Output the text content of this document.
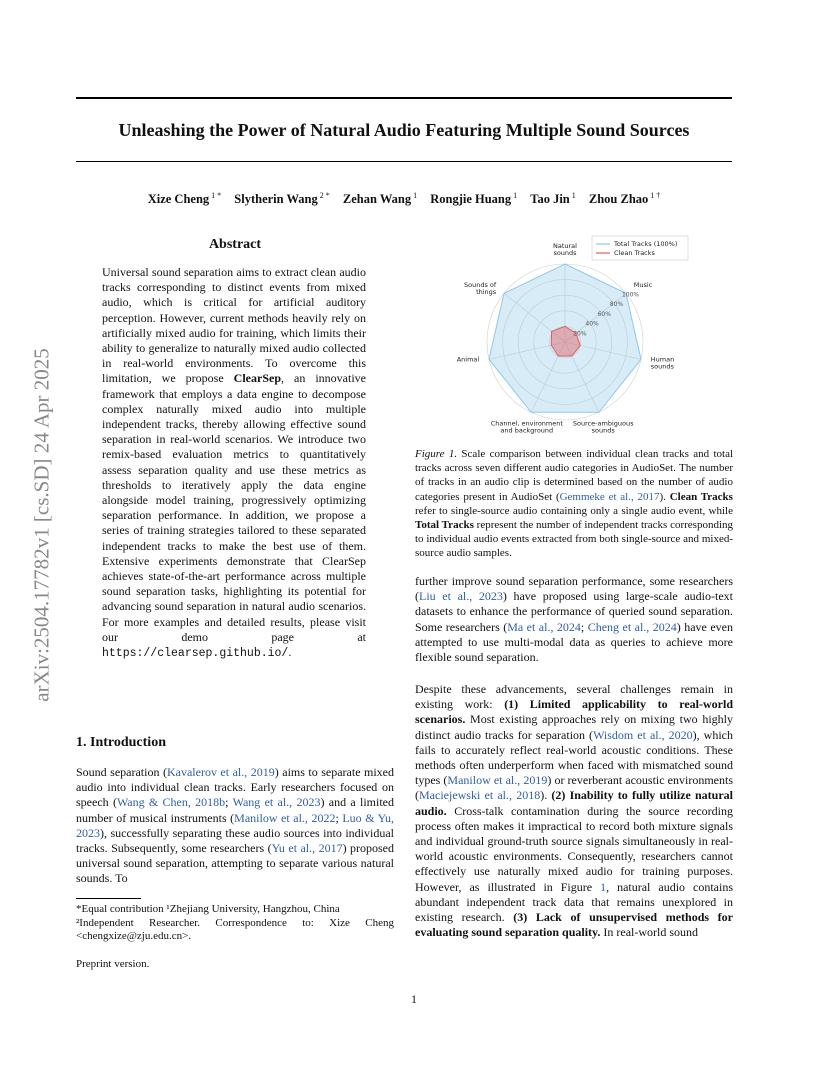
Unleashing the Power of Natural Audio Featuring Multiple Sound Sources
Xize Cheng $^{1 *}$ Slytherin Wang $^{2 *}$ Zehan Wang $^1$ Rongjie Huang $^1$ Tao Jin $^1$ Zhou Zhao $^{1 \dagger}$
arXiv:2504.17782v1 [cs.SD] 24 Apr 2025
Abstract

Universal sound separation aims to extract clean audio tracks corresponding to distinct events from mixed audio, which is critical for artificial auditory perception. However, current methods heavily rely on artificially mixed audio for training, which limits their ability to generalize to naturally mixed audio collected in real-world environments. To overcome this limitation, we propose ClearSep, an innovative framework that employs a data engine to decompose complex naturally mixed audio into multiple independent tracks, thereby allowing effective sound separation in real-world scenarios. We introduce two remix-based evaluation metrics to quantitatively assess separation quality and use these metrics as thresholds to iteratively apply the data engine alongside model training, progressively optimizing separation performance. In addition, we propose a series of training strategies tailored to these separated independent tracks to make the best use of them. Extensive experiments demonstrate that ClearSep achieves state-of-the-art performance across multiple sound separation tasks, highlighting its potential for advancing sound separation in natural audio scenarios. For more examples and detailed results, please visit our demo page at https://clearsep.github.io/.

1. Introduction

Sound separation (Kavalerov et al., 2019) aims to separate mixed audio into individual clean tracks. Early researchers focused on speech (Wang & Chen, 2018b; Wang et al., 2023) and a limited number of musical instruments (Manilow et al., 2022; Luo & Yu, 2023), successfully separating these audio sources into individual tracks. Subsequently, some researchers (Yu et al., 2017) proposed universal sound separation, attempting to separate various natural sounds. To

*Equal contribution ¹Zhejiang University, Hangzhou, China

²Independent Researcher. Correspondence to: Xize Cheng <chengxize@zju.edu.cn>.

Preprint version.
Natural sounds
Music
Human sounds
Source-ambiguous sounds
Channel, environment and background
Animal
Sounds of things
20%
40%
60%
80%
100%
Total Tracks (100%)
Clean Tracks

Figure 1. Scale comparison between individual clean tracks and total tracks across seven different audio categories in AudioSet. The number of tracks in an audio clip is determined based on the number of audio categories present in AudioSet (Gemmeke et al., 2017). Clean Tracks refer to single-source audio containing only a single audio event, while Total Tracks represent the number of independent tracks corresponding to individual audio events extracted from both single-source and mixed-source audio samples.

further improve sound separation performance, some researchers (Liu et al., 2023) have proposed using large-scale audio-text datasets to enhance the performance of queried sound separation. Some researchers (Ma et al., 2024; Cheng et al., 2024) have even attempted to use multi-modal data as queries to achieve more flexible sound separation.

Despite these advancements, several challenges remain in existing work: (1) Limited applicability to real-world scenarios. Most existing approaches rely on mixing two highly distinct audio tracks for separation (Wisdom et al., 2020), which fails to accurately reflect real-world acoustic conditions. These methods often underperform when faced with mismatched sound types (Manilow et al., 2019) or reverberant acoustic environments (Maciejewski et al., 2018). (2) Inability to fully utilize natural audio. Cross-talk contamination during the source recording process often makes it impractical to record both mixture signals and individual ground-truth source signals simultaneously in real-world acoustic environments. Consequently, researchers cannot effectively use naturally mixed audio for training purposes. However, as illustrated in Figure 1, natural audio contains abundant independent track data that remains unexplored in existing research. (3) Lack of unsupervised methods for evaluating sound separation quality. In real-world sound

1
